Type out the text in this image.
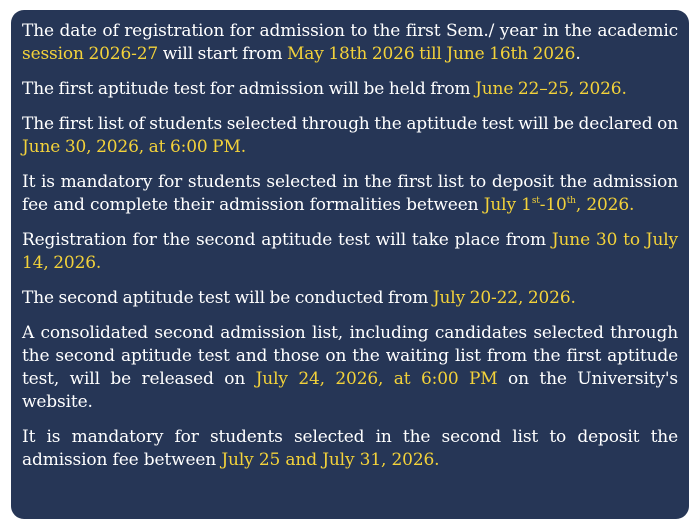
The date of registration for admission to the first Sem./ year in the academic session 2026-27 will start from May 18th 2026 till June 16th 2026.

The first aptitude test for admission will be held from June 22–25, 2026.

The first list of students selected through the aptitude test will be declared on June 30, 2026, at 6:00 PM.

It is mandatory for students selected in the first list to deposit the admission fee and complete their admission formalities between July 1st-10th, 2026.

Registration for the second aptitude test will take place from June 30 to July 14, 2026.

The second aptitude test will be conducted from July 20-22, 2026.

A consolidated second admission list, including candidates selected through the second aptitude test and those on the waiting list from the first aptitude test, will be released on July 24, 2026, at 6:00 PM on the University's website.

It is mandatory for students selected in the second list to deposit the admission fee between July 25 and July 31, 2026.
